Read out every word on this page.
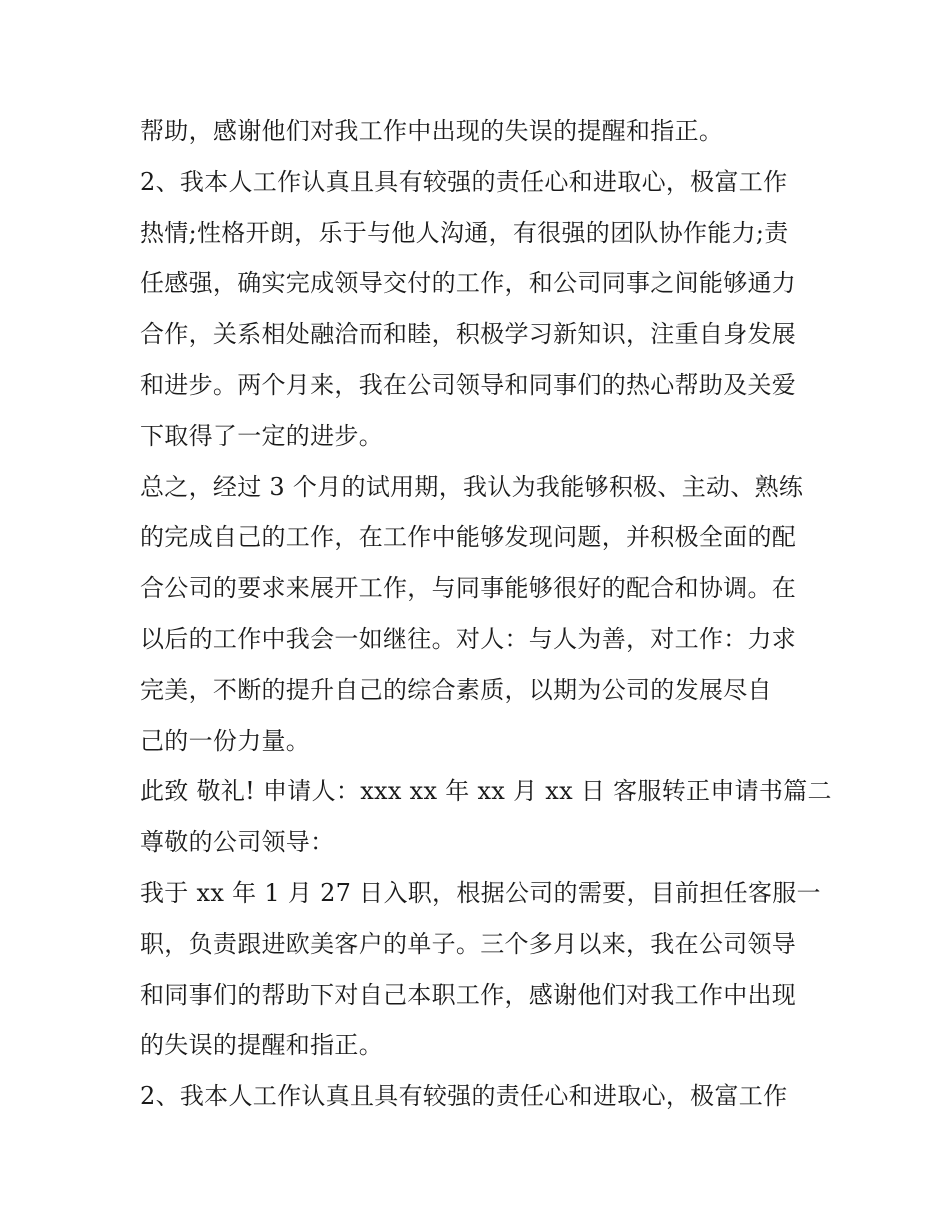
帮助，感谢他们对我工作中出现的失误的提醒和指正。
2、我本人工作认真且具有较强的责任心和进取心，极富工作
热情;性格开朗，乐于与他人沟通，有很强的团队协作能力;责
任感强，确实完成领导交付的工作，和公司同事之间能够通力
合作，关系相处融洽而和睦，积极学习新知识，注重自身发展
和进步。两个月来，我在公司领导和同事们的热心帮助及关爱
下取得了一定的进步。
总之，经过 3 个月的试用期，我认为我能够积极、主动、熟练
的完成自己的工作，在工作中能够发现问题，并积极全面的配
合公司的要求来展开工作，与同事能够很好的配合和协调。在
以后的工作中我会一如继往。对人：与人为善，对工作：力求
完美，不断的提升自己的综合素质，以期为公司的发展尽自
己的一份力量。
此致 敬礼! 申请人：xxx xx 年 xx 月 xx 日 客服转正申请书篇二
尊敬的公司领导：
我于 xx 年 1 月 27 日入职，根据公司的需要，目前担任客服一
职，负责跟进欧美客户的单子。三个多月以来，我在公司领导
和同事们的帮助下对自己本职工作，感谢他们对我工作中出现
的失误的提醒和指正。
2、我本人工作认真且具有较强的责任心和进取心，极富工作
